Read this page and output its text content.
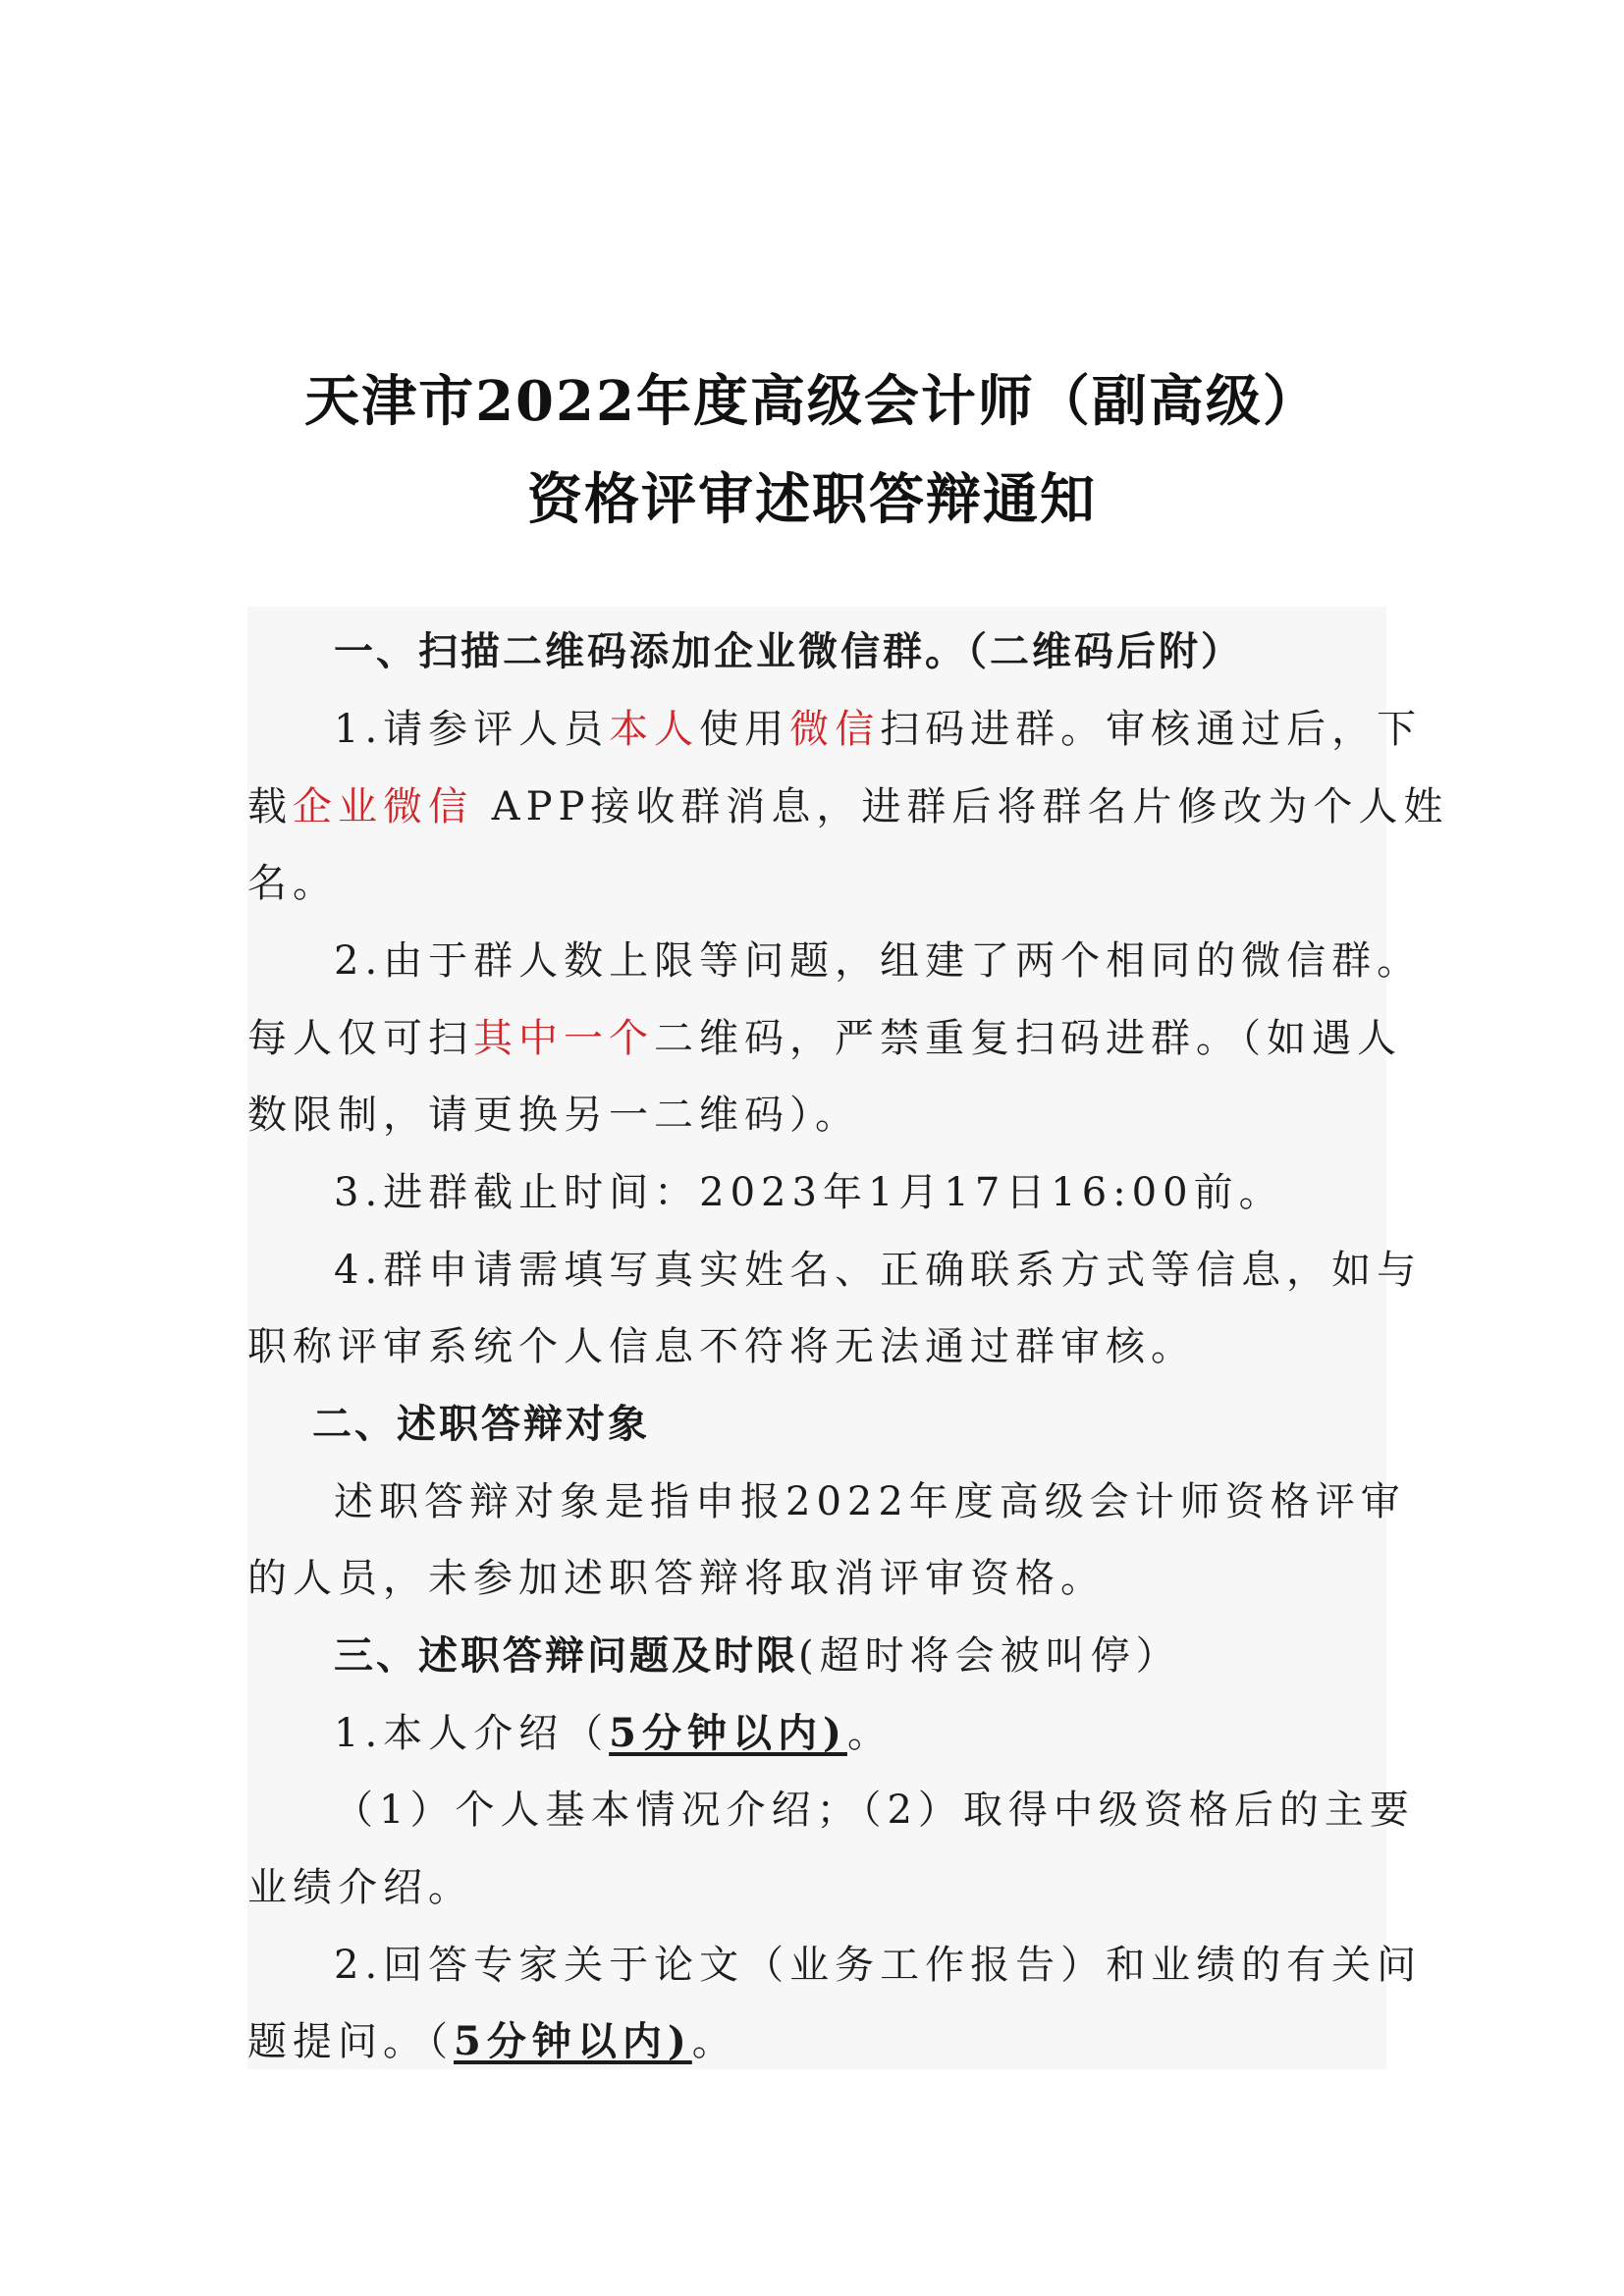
天津市2022年度高级会计师（副高级）
资格评审述职答辩通知
一、扫描二维码添加企业微信群。（二维码后附）
1.请参评人员本人使用微信扫码进群。审核通过后，下
载企业微信 APP接收群消息，进群后将群名片修改为个人姓
名。
2.由于群人数上限等问题，组建了两个相同的微信群。
每人仅可扫其中一个二维码，严禁重复扫码进群。（如遇人
数限制，请更换另一二维码）。
3.进群截止时间：2023年1月17日16:00前。
4.群申请需填写真实姓名、正确联系方式等信息，如与
职称评审系统个人信息不符将无法通过群审核。
二、述职答辩对象
述职答辩对象是指申报2022年度高级会计师资格评审
的人员，未参加述职答辩将取消评审资格。
三、述职答辩问题及时限(超时将会被叫停）
1.本人介绍（5分钟以内)。
（1）个人基本情况介绍；（2）取得中级资格后的主要
业绩介绍。
2.回答专家关于论文（业务工作报告）和业绩的有关问
题提问。（5分钟以内)。
